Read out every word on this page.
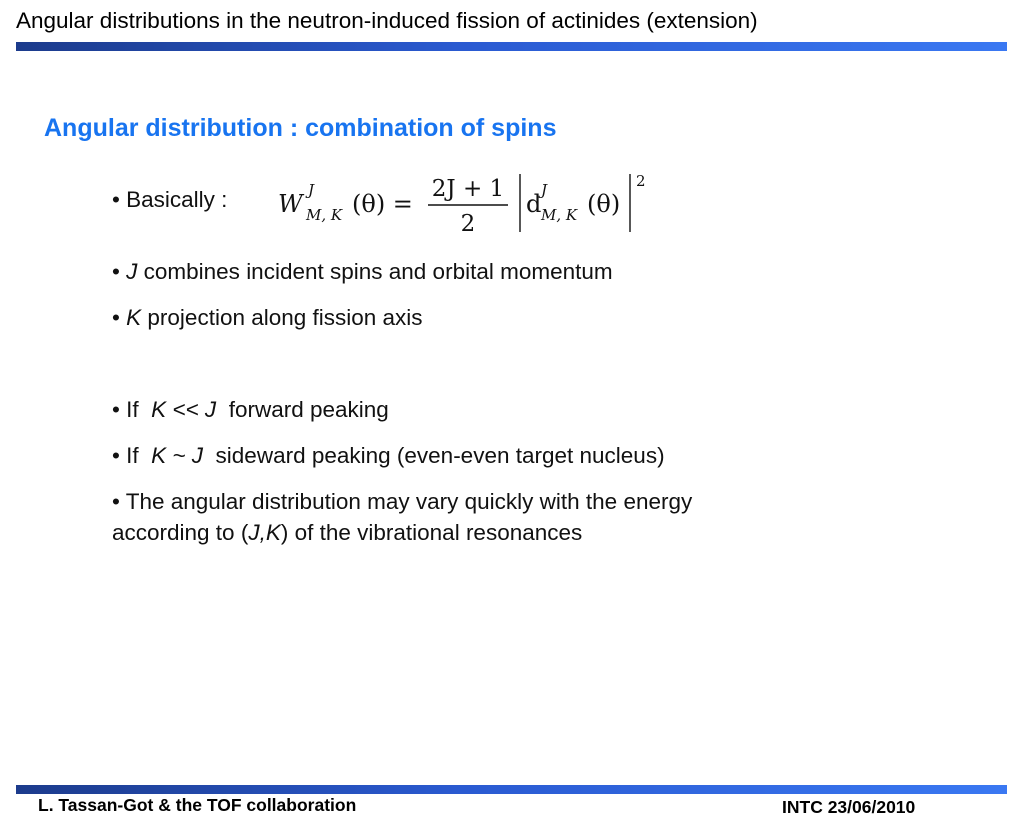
Angular distributions in the neutron-induced fission of actinides (extension)
Angular distribution : combination of spins
• Basically : W J
M, K (θ) =
2J + 1
2
d J
M, K (θ)
2
• J combines incident spins and orbital momentum
• K projection along fission axis
• If  K << J  forward peaking
• If  K ~ J  sideward peaking (even-even target nucleus)
• The angular distribution may vary quickly with the energy
according to (J,K) of the vibrational resonances
L. Tassan-Got & the TOF collaboration	INTC 23/06/2010
